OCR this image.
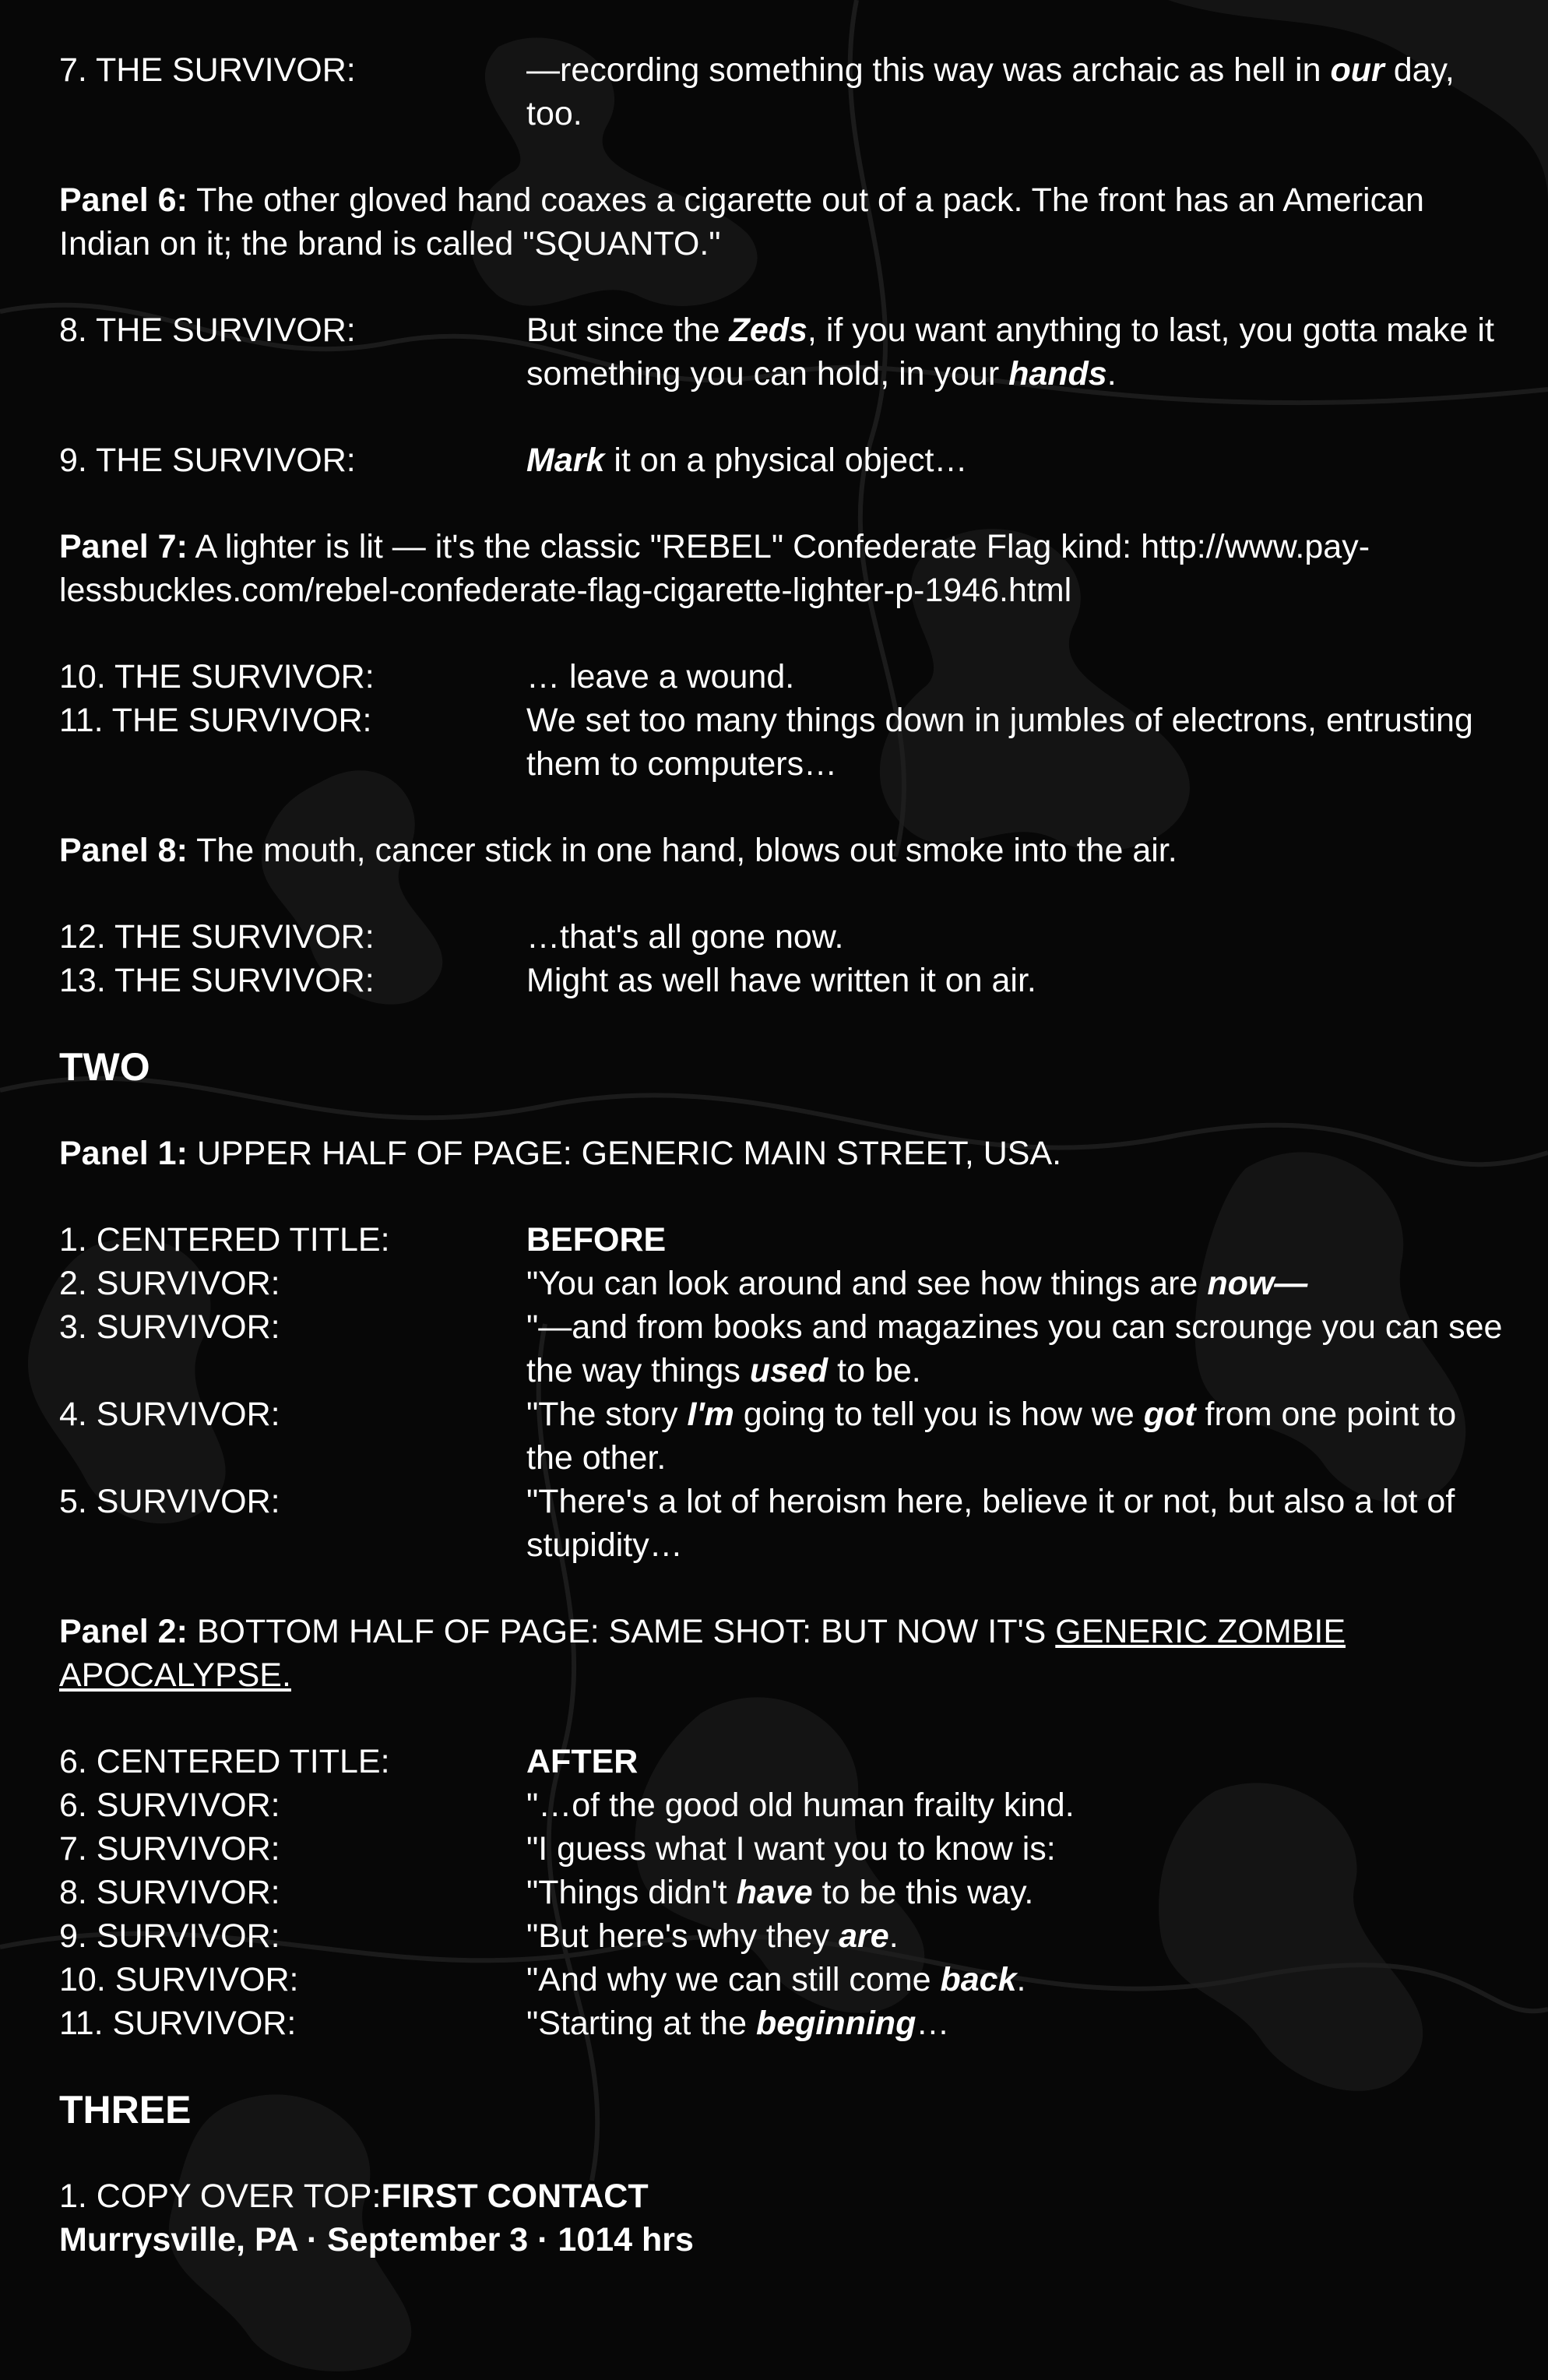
7. THE SURVIVOR:	—recording something this way was archaic as hell in our day, too.
Panel 6: The other gloved hand coaxes a cigarette out of a pack. The front has an American Indian on it; the brand is called "SQUANTO."
8. THE SURVIVOR:	But since the Zeds, if you want anything to last, you gotta make it something you can hold, in your hands.
9. THE SURVIVOR:	Mark it on a physical object…
Panel 7: A lighter is lit — it's the classic "REBEL" Confederate Flag kind: http://www.pay-lessbuckles.com/rebel-confederate-flag-cigarette-lighter-p-1946.html
10. THE SURVIVOR:	… leave a wound.
11. THE SURVIVOR:	We set too many things down in jumbles of electrons, entrusting them to computers…
Panel 8: The mouth, cancer stick in one hand, blows out smoke into the air.
12. THE SURVIVOR:	…that's all gone now.
13. THE SURVIVOR:	Might as well have written it on air.
TWO
Panel 1: UPPER HALF OF PAGE: GENERIC MAIN STREET, USA.
1. CENTERED TITLE:	BEFORE
2. SURVIVOR:	"You can look around and see how things are now—
3. SURVIVOR:	"—and from books and magazines you can scrounge you can see the way things used to be.
4. SURVIVOR:	"The story I'm going to tell you is how we got from one point to the other.
5. SURVIVOR:	"There's a lot of heroism here, believe it or not, but also a lot of stupidity…
Panel 2: BOTTOM HALF OF PAGE: SAME SHOT: BUT NOW IT'S GENERIC ZOMBIE APOCALYPSE.
6. CENTERED TITLE:	AFTER
6. SURVIVOR:	"…of the good old human frailty kind.
7. SURVIVOR:	"I guess what I want you to know is:
8. SURVIVOR:	"Things didn't have to be this way.
9. SURVIVOR:	"But here's why they are.
10. SURVIVOR:	"And why we can still come back.
11. SURVIVOR:	"Starting at the beginning…
THREE
1. COPY OVER TOP: FIRST CONTACT
Murrysville, PA · September 3 · 1014 hrs
